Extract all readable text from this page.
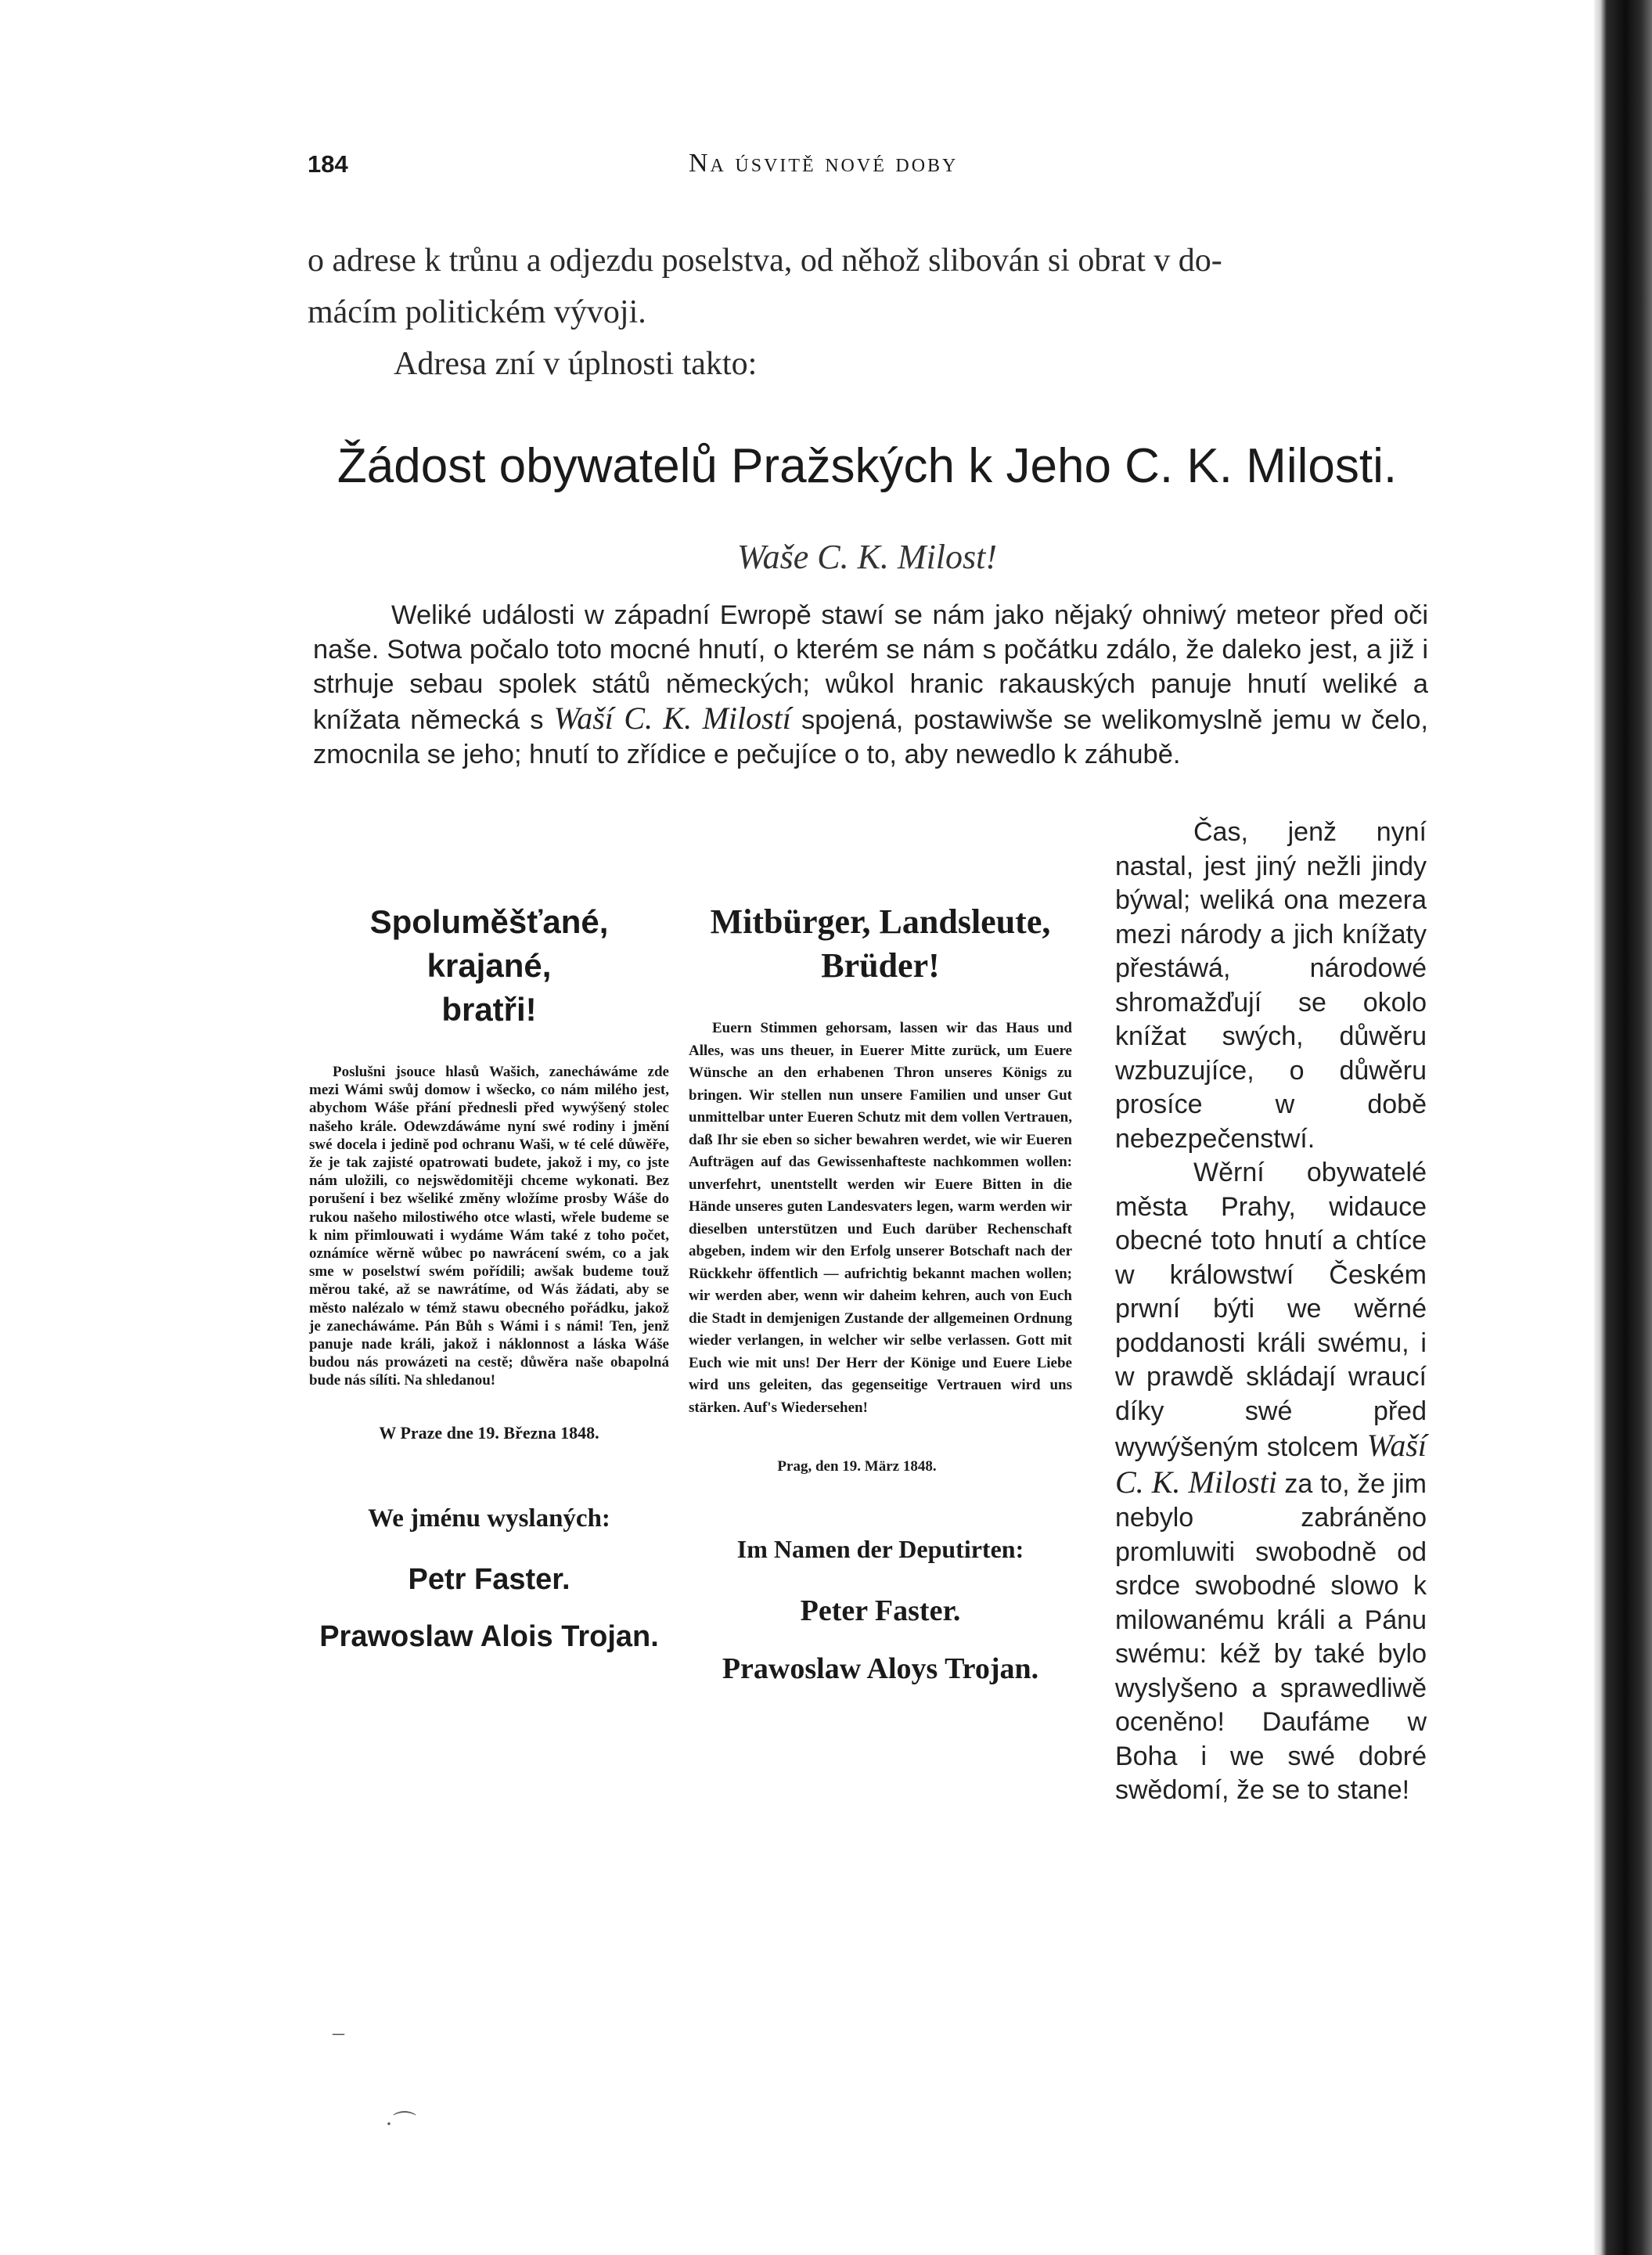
184	Na úsvitě nové doby

o adrese k trůnu a odjezdu poselstva, od něhož slibován si obrat v do-

mácím politickém vývoji.

Adresa zní v úplnosti takto:

Žádost obywatelů Pražských k Jeho C. K. Milosti.
Waše C. K. Milost!
Weliké události w západní Ewropě stawí se nám jako nějaký ohniwý meteor před oči naše. Sotwa počalo toto mocné hnutí, o kterém se nám s počátku zdálo, že daleko jest, a již i strhuje sebau spolek států německých; wůkol hranic rakauských panuje hnutí weliké a knížata německá s Waší C. K. Milostí spojená, postawiwše se welikomyslně jemu w čelo, zmocnila se jeho; hnutí to zřídice e pečujíce o to, aby newedlo k záhubě.

Spoluměšťané, krajané,
bratři!

Poslušni jsouce hlasů Wašich, zanecháwáme zde mezi Wámi swůj domow i wšecko, co nám milého jest, abychom Wáše přání přednesli před wywýšený stolec našeho krále. Odewzdáwáme nyní swé rodiny i jmění swé docela i jedině pod ochranu Waši, w té celé důwěře, že je tak zajisté opatrowati budete, jakož i my, co jste nám uložili, co nejswědomitěji chceme wykonati. Bez porušení i bez wšeliké změny wložíme prosby Wáše do rukou našeho milostiwého otce wlasti, wřele budeme se k nim přimlouwati i wydáme Wám také z toho počet, oznámíce wěrně wůbec po nawrácení swém, co a jak sme w poselstwí swém pořídili; awšak budeme touž měrou také, až se nawrátíme, od Wás žádati, aby se město nalézalo w témž stawu obecného pořádku, jakož je zanecháwáme. Pán Bůh s Wámi i s námi! Ten, jenž panuje nade králi, jakož i náklonnost a láska Wáše budou nás prowázeti na cestě; důwěra naše obapolná bude nás sílíti. Na shledanou!
W Praze dne 19. Března 1848.
We jménu wyslaných:
Petr Faster.
Prawoslaw Alois Trojan.

Mitbürger, Landsleute,
Brüder!

Euern Stimmen gehorsam, lassen wir das Haus und Alles, was uns theuer, in Euerer Mitte zurück, um Euere Wünsche an den erhabenen Thron unseres Königs zu bringen. Wir stellen nun unsere Familien und unser Gut unmittelbar unter Eueren Schutz mit dem vollen Vertrauen, daß Ihr sie eben so sicher bewahren werdet, wie wir Eueren Aufträgen auf das Gewissenhafteste nachkommen wollen: unverfehrt, unentstellt werden wir Euere Bitten in die Hände unseres guten Landesvaters legen, warm werden wir dieselben unterstützen und Euch darüber Rechenschaft abgeben, indem wir den Erfolg unserer Botschaft nach der Rückkehr öffentlich — aufrichtig bekannt machen wollen; wir werden aber, wenn wir daheim kehren, auch von Euch die Stadt in demjenigen Zustande der allgemeinen Ordnung wieder verlangen, in welcher wir selbe verlassen. Gott mit Euch wie mit uns! Der Herr der Könige und Euere Liebe wird uns geleiten, das gegenseitige Vertrauen wird uns stärken. Auf's Wiedersehen!
Prag, den 19. März 1848.
Im Namen der Deputirten:
Peter Faster.
Prawoslaw Aloys Trojan.

Čas, jenž nyní nastal, jest jiný nežli jindy býwal; weliká ona mezera mezi národy a jich knížaty přestáwá, národowé shromažďují se okolo knížat swých, důwěru wzbuzujíce, o důwěru prosíce w době nebezpečenstwí.

Wěrní obywatelé města Prahy, widauce obecné toto hnutí a chtíce w králowstwí Českém prwní býti we wěrné poddanosti králi swému, i w prawdě skládají wraucí díky swé před wywýšeným stolcem Waší C. K. Milosti za to, že jim nebylo zabráněno promluwiti swobodně od srdce swobodné slowo k milowanému králi a Pánu swému: kéž by také bylo wyslyšeno a sprawedliwě oceněno! Daufáme w Boha i we swé dobré swědomí, že se to stane!

–
·⌒
